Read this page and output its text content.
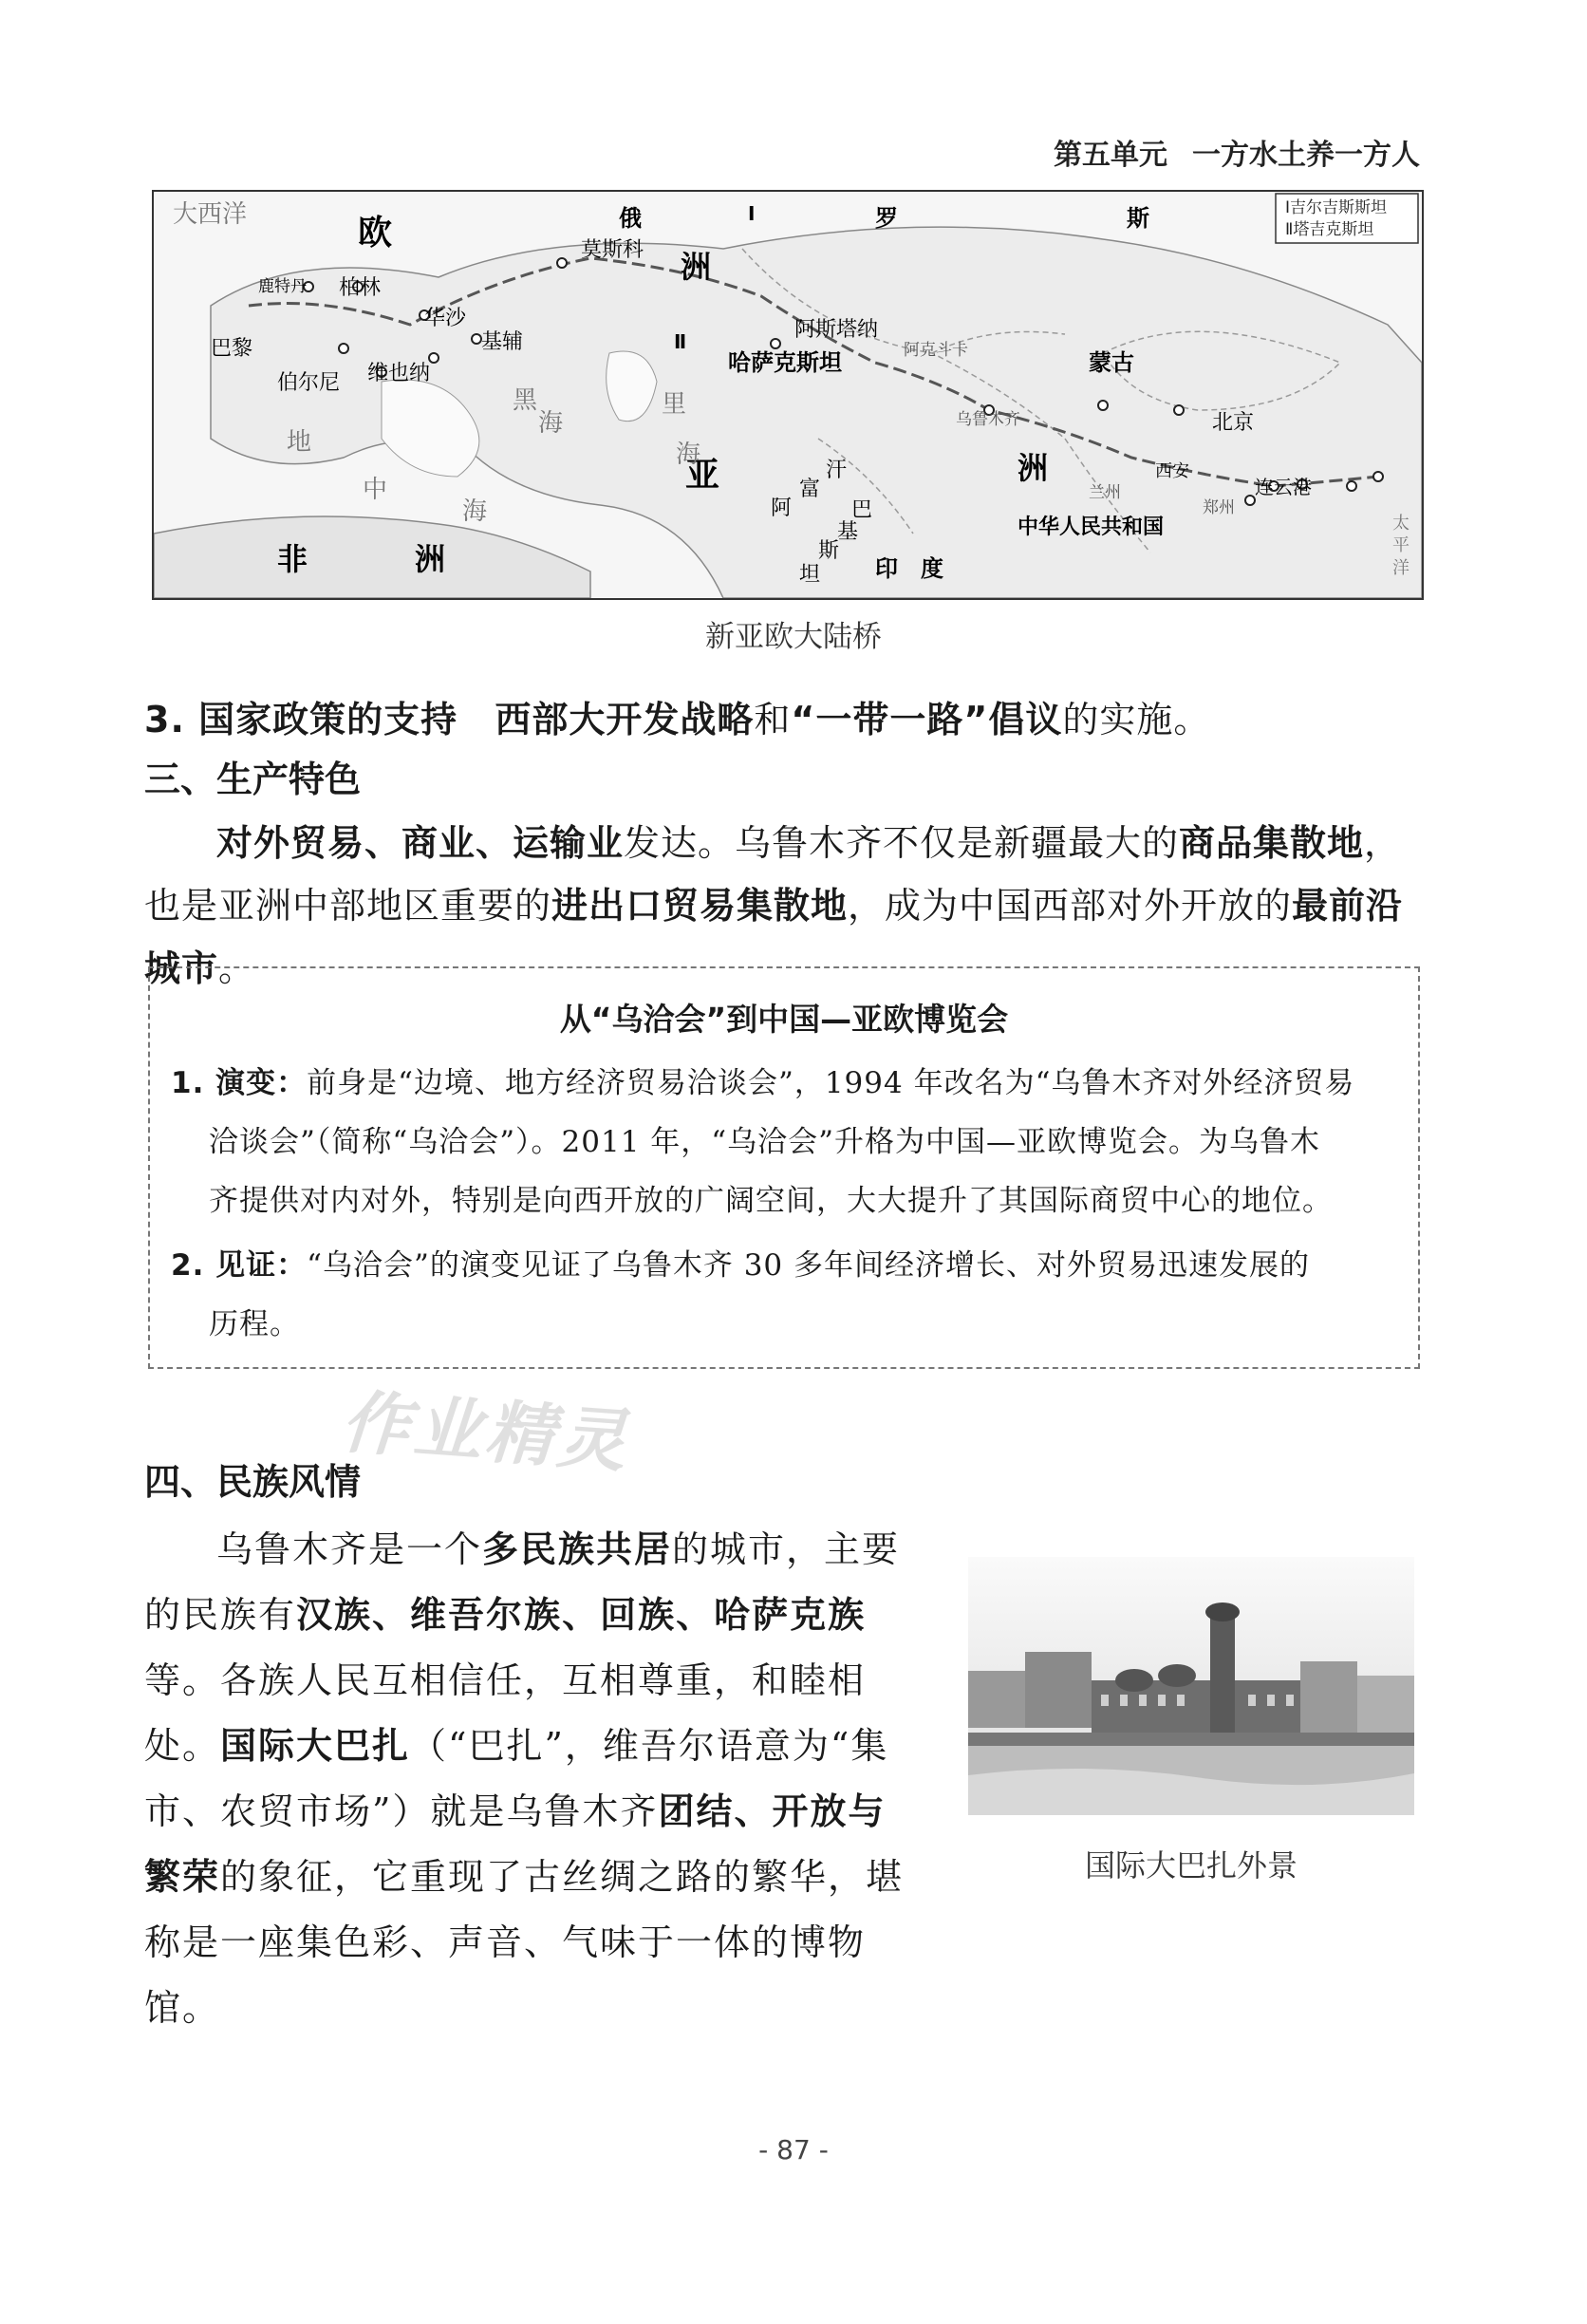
第五单元 一方水土养一方人
Ⅰ吉尔吉斯斯坦
Ⅱ塔吉克斯坦
大西洋	欧	俄	罗	斯
莫斯科 洲
鹿特丹 柏林
华沙
基辅
巴黎
维也纳
伯尔尼
阿斯塔纳
哈萨克斯坦	阿克斗卡	蒙古
北京
乌鲁木齐
西安
兰州
郑州
连云港
中华人民共和国
亚	洲
阿
富
汗
巴
基
斯
坦 印 度
非	洲
黑
海
里
海
地
中
海	太
平
洋
Ⅰ
Ⅱ
新亚欧大陆桥
3. 国家政策的支持 西部大开发战略和“一带一路”倡议的实施。
三、生产特色
对外贸易、商业、运输业发达。乌鲁木齐不仅是新疆最大的商品集散地，也是亚洲中部地区重要的进出口贸易集散地，成为中国西部对外开放的最前沿城市。
从“乌洽会”到中国—亚欧博览会
1. 演变：前身是“边境、地方经济贸易洽谈会”，1994 年改名为“乌鲁木齐对外经济贸易
洽谈会”（简称“乌洽会”）。2011 年，“乌洽会”升格为中国—亚欧博览会。为乌鲁木
齐提供对内对外，特别是向西开放的广阔空间，大大提升了其国际商贸中心的地位。
2. 见证：“乌洽会”的演变见证了乌鲁木齐 30 多年间经济增长、对外贸易迅速发展的
历程。
作业精灵
四、民族风情
乌鲁木齐是一个多民族共居的城市，主要的民族有汉族、维吾尔族、回族、哈萨克族等。各族人民互相信任，互相尊重，和睦相处。国际大巴扎（“巴扎”，维吾尔语意为“集市、农贸市场”）就是乌鲁木齐团结、开放与繁荣的象征，它重现了古丝绸之路的繁华，堪称是一座集色彩、声音、气味于一体的博物馆。
国际大巴扎外景
- 87 -
